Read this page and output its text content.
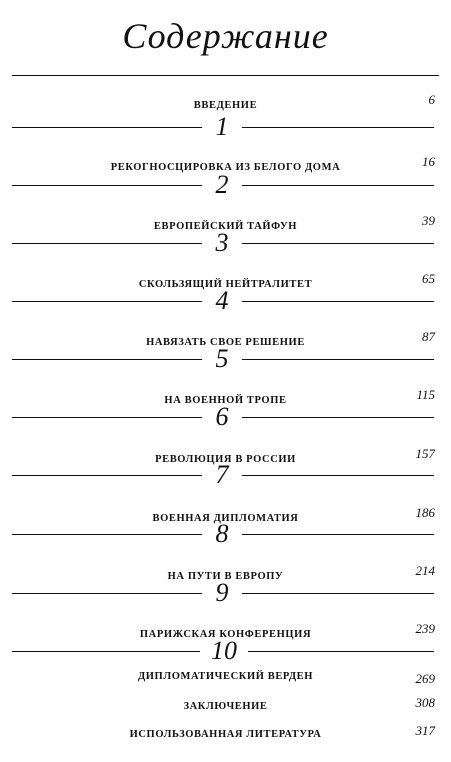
Содержание
ВВЕДЕНИЕ	6
1
РЕКОГНОСЦИРОВКА ИЗ БЕЛОГО ДОМА	16
2
ЕВРОПЕЙСКИЙ ТАЙФУН	39
3
СКОЛЬЗЯЩИЙ НЕЙТРАЛИТЕТ	65
4
НАВЯЗАТЬ СВОЕ РЕШЕНИЕ	87
5
НА ВОЕННОЙ ТРОПЕ	115
6
РЕВОЛЮЦИЯ В РОССИИ	157
7
ВОЕННАЯ ДИПЛОМАТИЯ	186
8
НА ПУТИ В ЕВРОПУ	214
9
ПАРИЖСКАЯ КОНФЕРЕНЦИЯ	239
10
ДИПЛОМАТИЧЕСКИЙ ВЕРДЕН	269
ЗАКЛЮЧЕНИЕ	308
ИСПОЛЬЗОВАННАЯ ЛИТЕРАТУРА	317
